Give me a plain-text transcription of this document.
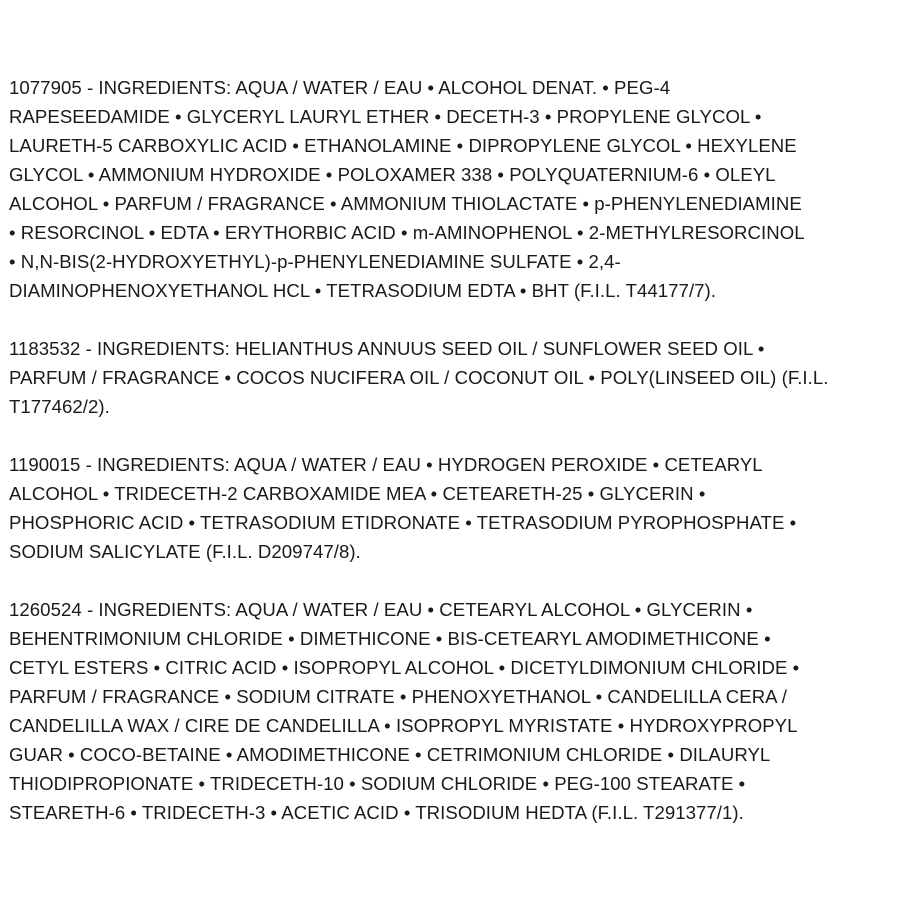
1077905 - INGREDIENTS: AQUA / WATER / EAU • ALCOHOL DENAT. • PEG-4
RAPESEEDAMIDE • GLYCERYL LAURYL ETHER • DECETH-3 • PROPYLENE GLYCOL •
LAURETH-5 CARBOXYLIC ACID • ETHANOLAMINE • DIPROPYLENE GLYCOL • HEXYLENE
GLYCOL • AMMONIUM HYDROXIDE • POLOXAMER 338 • POLYQUATERNIUM-6 • OLEYL
ALCOHOL • PARFUM / FRAGRANCE • AMMONIUM THIOLACTATE • p-PHENYLENEDIAMINE
• RESORCINOL • EDTA • ERYTHORBIC ACID • m-AMINOPHENOL • 2-METHYLRESORCINOL
• N,N-BIS(2-HYDROXYETHYL)-p-PHENYLENEDIAMINE SULFATE • 2,4-
DIAMINOPHENOXYETHANOL HCL • TETRASODIUM EDTA • BHT (F.I.L. T44177/7).
1183532 - INGREDIENTS: HELIANTHUS ANNUUS SEED OIL / SUNFLOWER SEED OIL •
PARFUM / FRAGRANCE • COCOS NUCIFERA OIL / COCONUT OIL • POLY(LINSEED OIL) (F.I.L.
T177462/2).
1190015 - INGREDIENTS: AQUA / WATER / EAU • HYDROGEN PEROXIDE • CETEARYL
ALCOHOL • TRIDECETH-2 CARBOXAMIDE MEA • CETEARETH-25 • GLYCERIN •
PHOSPHORIC ACID • TETRASODIUM ETIDRONATE • TETRASODIUM PYROPHOSPHATE •
SODIUM SALICYLATE (F.I.L. D209747/8).
1260524 - INGREDIENTS: AQUA / WATER / EAU • CETEARYL ALCOHOL • GLYCERIN •
BEHENTRIMONIUM CHLORIDE • DIMETHICONE • BIS-CETEARYL AMODIMETHICONE •
CETYL ESTERS • CITRIC ACID • ISOPROPYL ALCOHOL • DICETYLDIMONIUM CHLORIDE •
PARFUM / FRAGRANCE • SODIUM CITRATE • PHENOXYETHANOL • CANDELILLA CERA /
CANDELILLA WAX / CIRE DE CANDELILLA • ISOPROPYL MYRISTATE • HYDROXYPROPYL
GUAR • COCO-BETAINE • AMODIMETHICONE • CETRIMONIUM CHLORIDE • DILAURYL
THIODIPROPIONATE • TRIDECETH-10 • SODIUM CHLORIDE • PEG-100 STEARATE •
STEARETH-6 • TRIDECETH-3 • ACETIC ACID • TRISODIUM HEDTA (F.I.L. T291377/1).
